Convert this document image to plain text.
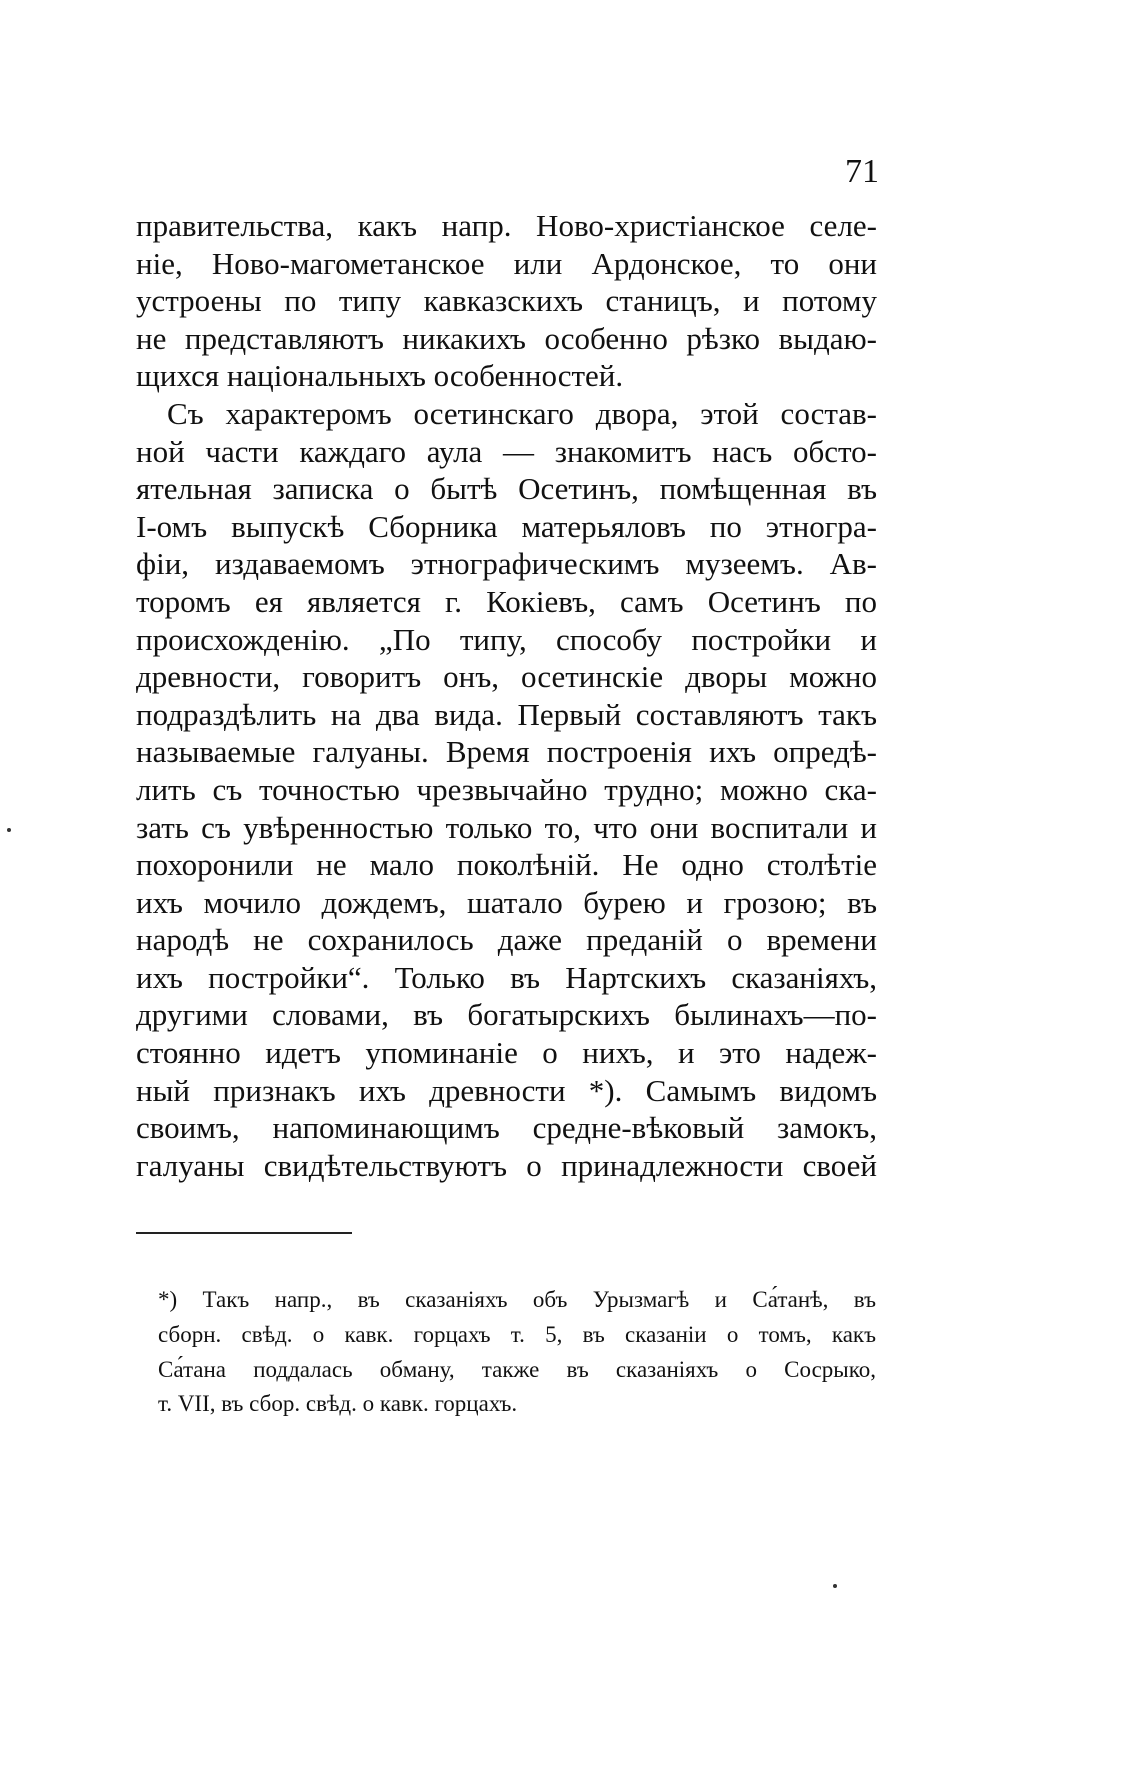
71
правительства, какъ напр. Ново-христіанское селе-
ніе, Ново-магометанское или Ардонское, то они
устроены по типу кавказскихъ станицъ, и потому
не представляютъ никакихъ особенно рѣзко выдаю-
щихся національныхъ особенностей.
Съ характеромъ осетинскаго двора, этой состав-
ной части каждаго аула — знакомитъ насъ обсто-
ятельная записка о бытѣ Осетинъ, помѣщенная въ
I-омъ выпускѣ Сборника матерьяловъ по этногра-
фіи, издаваемомъ этнографическимъ музеемъ. Ав-
торомъ ея является г. Кокіевъ, самъ Осетинъ по
происхожденію. „По типу, способу постройки и
древности, говоритъ онъ, осетинскіе дворы можно
подраздѣлить на два вида. Первый составляютъ такъ
называемые галуаны. Время построенія ихъ опредѣ-
лить съ точностью чрезвычайно трудно; можно ска-
зать съ увѣренностью только то, что они воспитали и
похоронили не мало поколѣній. Не одно столѣтіе
ихъ мочило дождемъ, шатало бурею и грозою; въ
народѣ не сохранилось даже преданій о времени
ихъ постройки“. Только въ Нартскихъ сказаніяхъ,
другими словами, въ богатырскихъ былинахъ—по-
стоянно идетъ упоминаніе о нихъ, и это надеж-
ный признакъ ихъ древности *). Самымъ видомъ
своимъ, напоминающимъ средне-вѣковый замокъ,
галуаны свидѣтельствуютъ о принадлежности своей
*) Такъ напр., въ сказаніяхъ объ Урызмагѣ и Са́танѣ, въ
сборн. свѣд. о кавк. горцахъ т. 5, въ сказаніи о томъ, какъ
Са́тана поддалась обману, также въ сказаніяхъ о Сосрыко,
т. VII, въ сбор. свѣд. о кавк. горцахъ.
